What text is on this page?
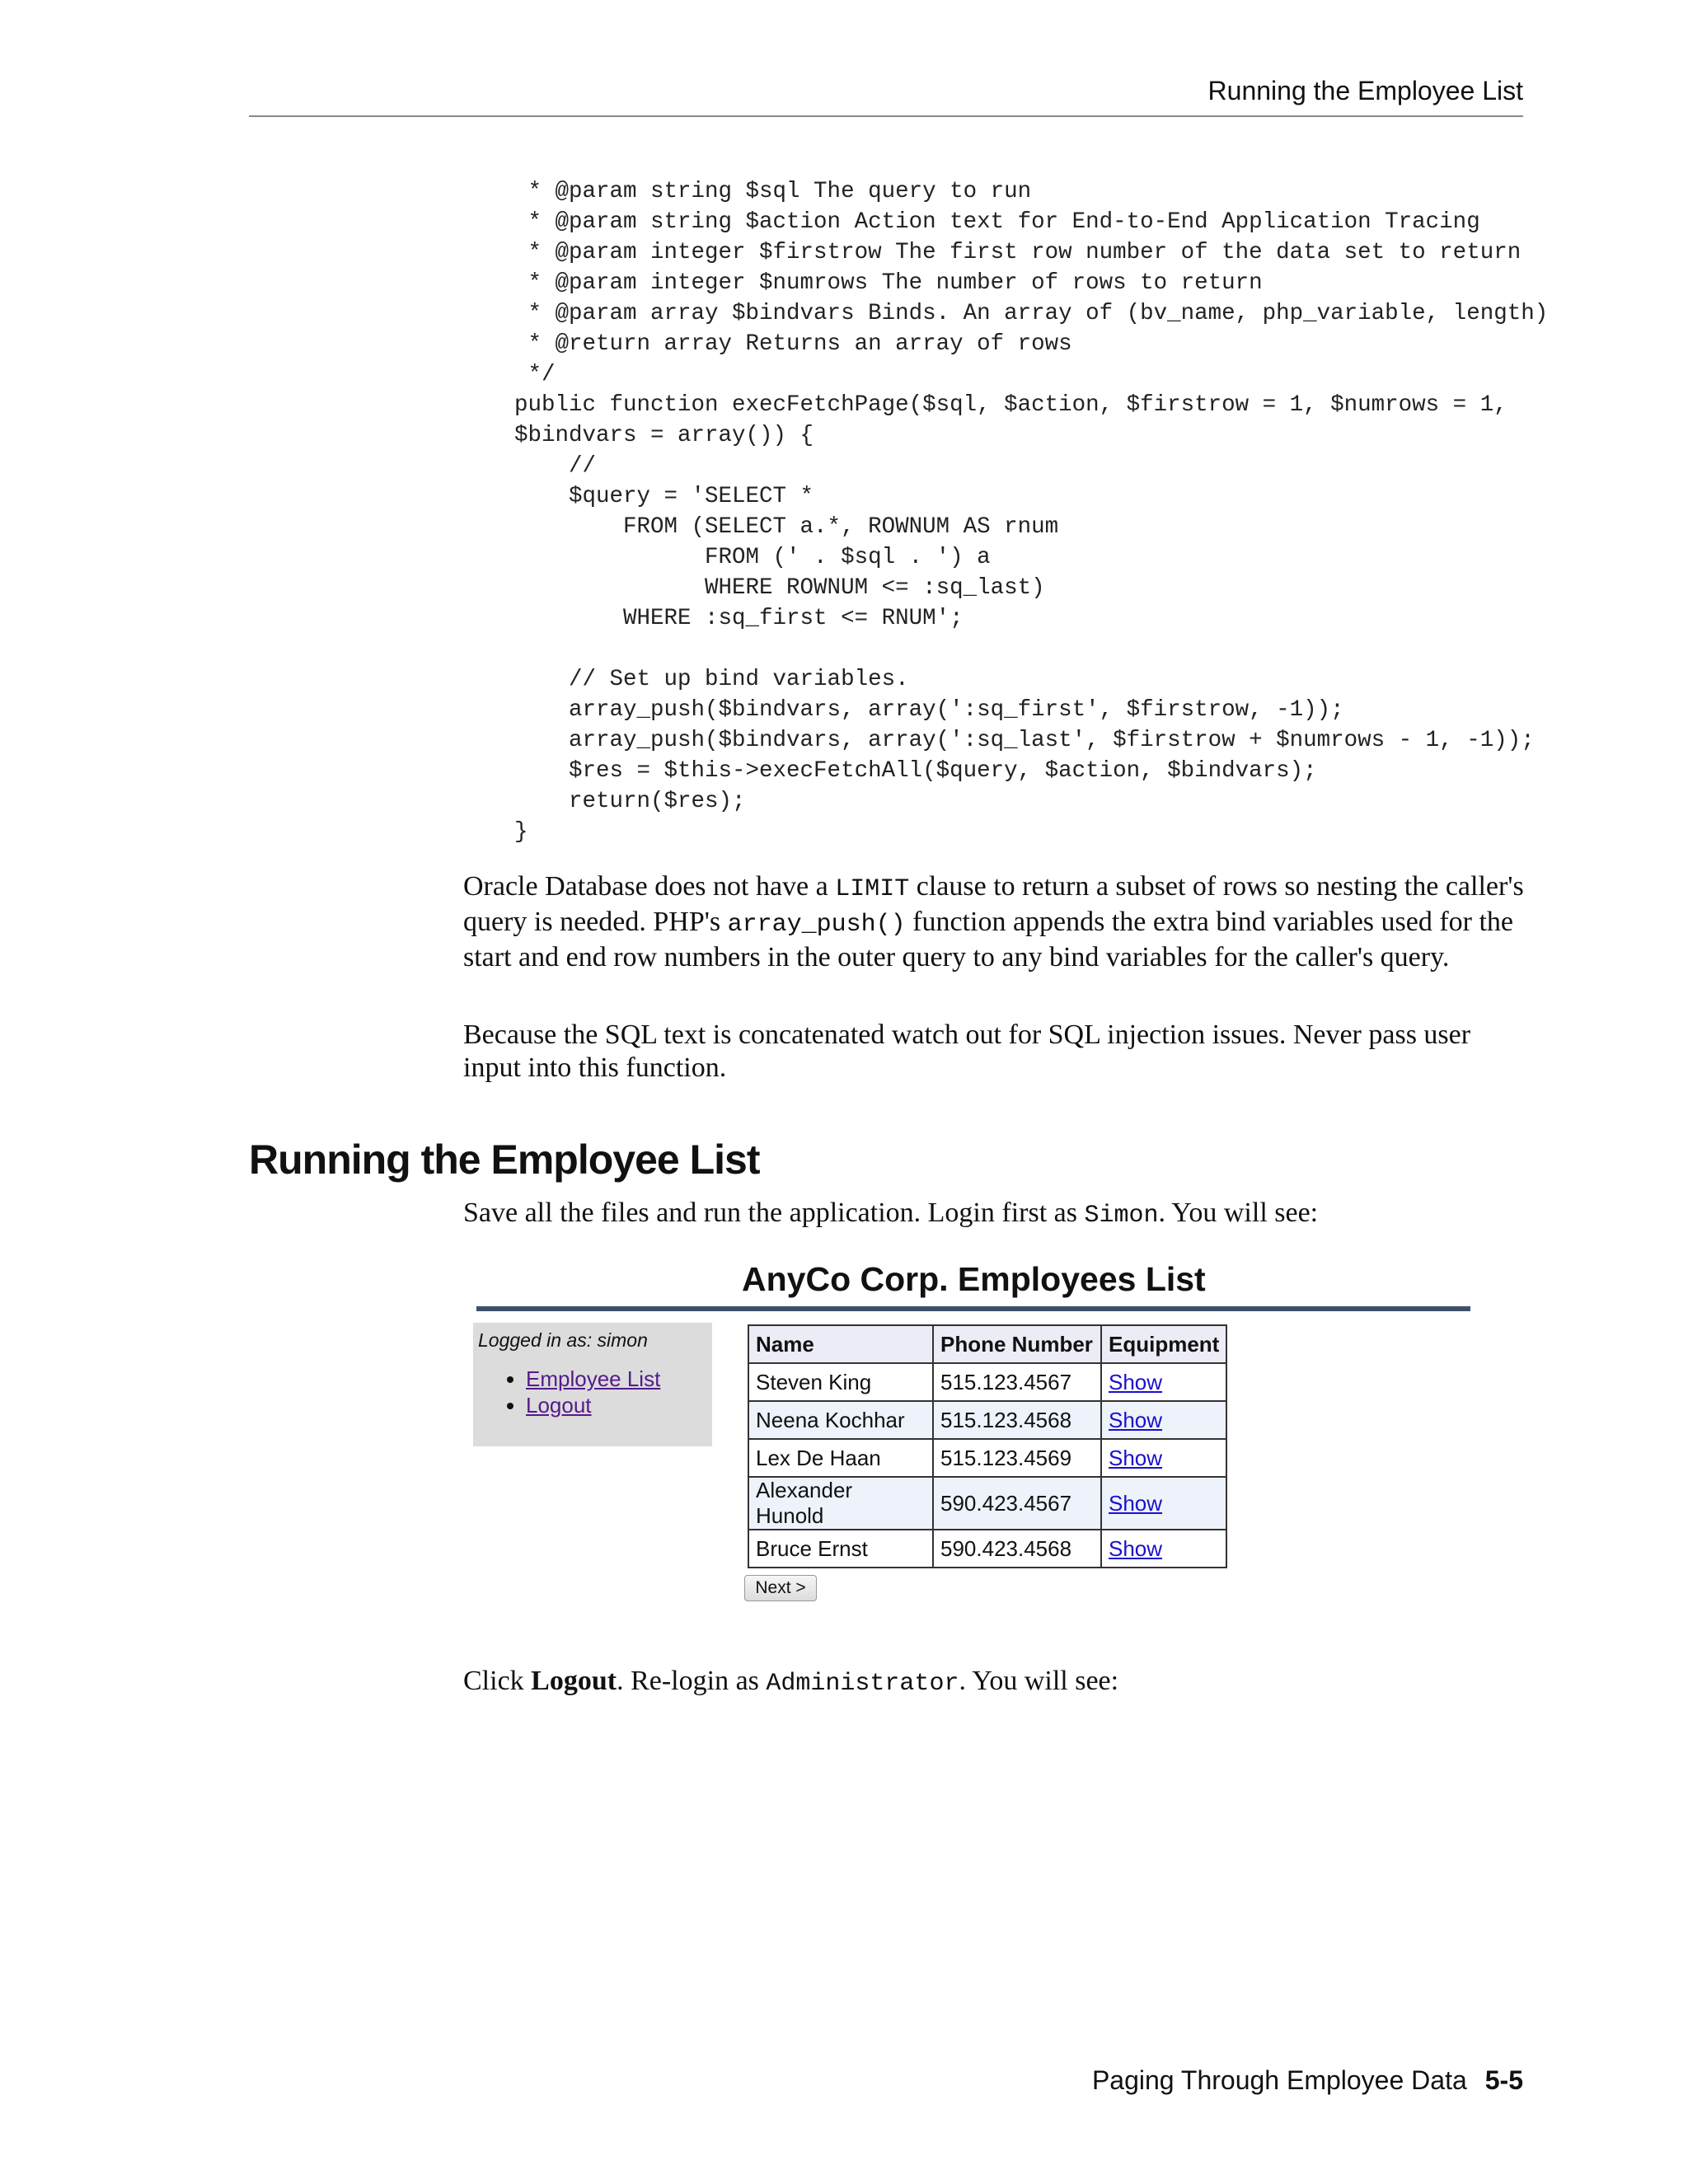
Running the Employee List
* @param string $sql The query to run
* @param string $action Action text for End-to-End Application Tracing
* @param integer $firstrow The first row number of the data set to return
* @param integer $numrows The number of rows to return
* @param array $bindvars Binds. An array of (bv_name, php_variable, length)
* @return array Returns an array of rows
*/
public function execFetchPage($sql, $action, $firstrow = 1, $numrows = 1,
$bindvars = array()) {
//
$query = 'SELECT *
FROM (SELECT a.*, ROWNUM AS rnum
FROM (' . $sql . ') a
WHERE ROWNUM <= :sq_last)
WHERE :sq_first <= RNUM';

// Set up bind variables.
array_push($bindvars, array(':sq_first', $firstrow, -1));
array_push($bindvars, array(':sq_last', $firstrow + $numrows - 1, -1));
$res = $this->execFetchAll($query, $action, $bindvars);
return($res);
}

Oracle Database does not have a LIMIT clause to return a subset of rows so nesting the caller's query is needed. PHP's array_push() function appends the extra bind variables used for the start and end row numbers in the outer query to any bind variables for the caller's query.

Because the SQL text is concatenated watch out for SQL injection issues. Never pass user input into this function.

Running the Employee List

Save all the files and run the application. Login first as Simon. You will see:

AnyCo Corp. Employees List
Logged in as: simon
• Employee List
• Logout
Name	Phone Number	Equipment
Steven King	515.123.4567	Show
Neena Kochhar	515.123.4568	Show
Lex De Haan	515.123.4569	Show
Alexander Hunold	590.423.4567	Show
Bruce Ernst	590.423.4568	Show
Next >

Click Logout. Re-login as Administrator. You will see:

Paging Through Employee Data 5-5
